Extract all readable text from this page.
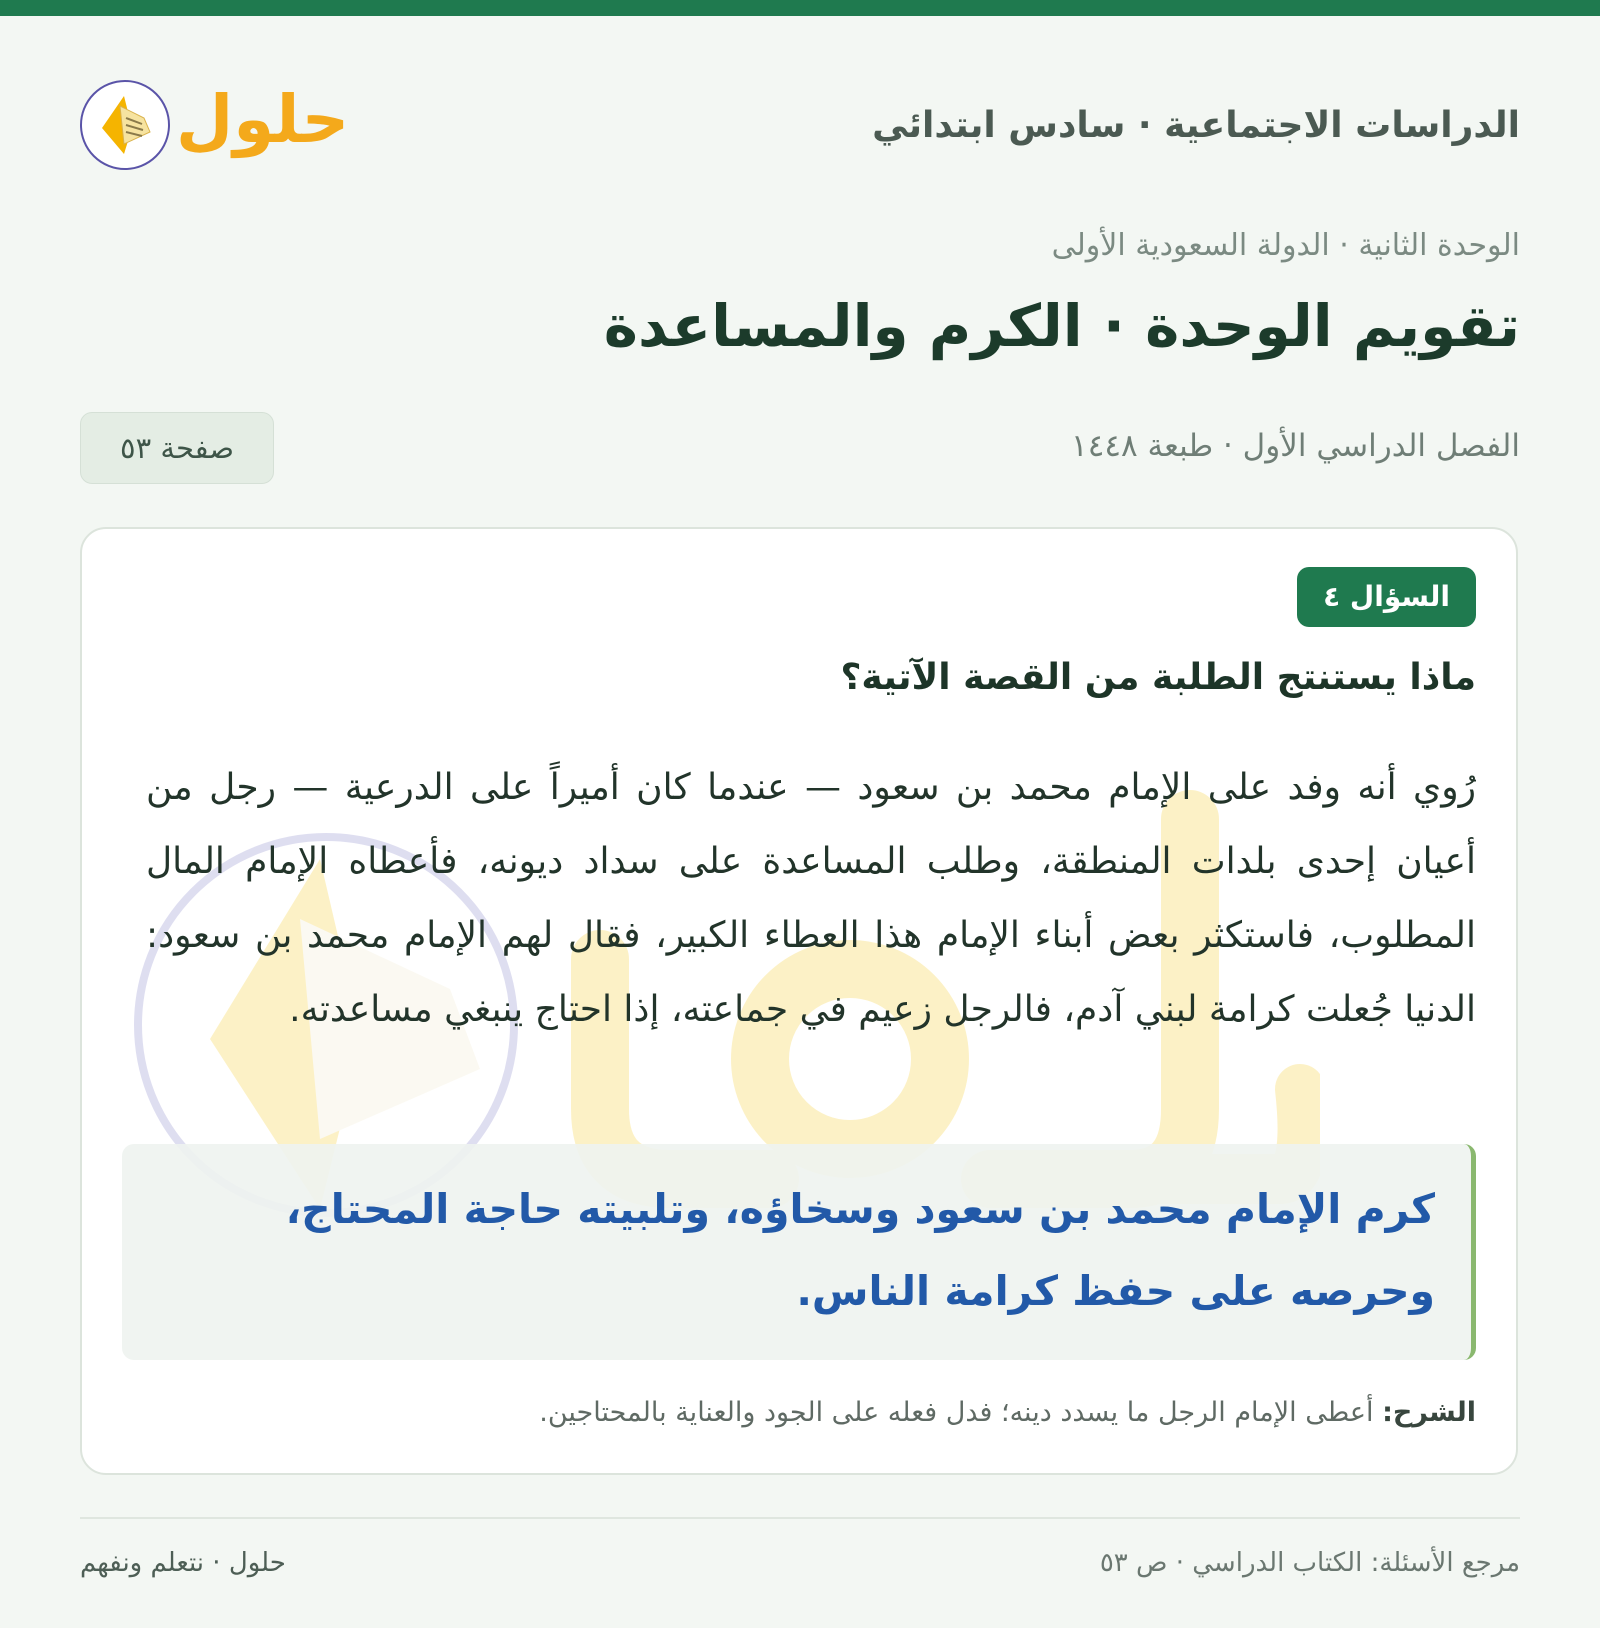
الدراسات الاجتماعية · سادس ابتدائي
حلول
الوحدة الثانية · الدولة السعودية الأولى
تقويم الوحدة · الكرم والمساعدة
الفصل الدراسي الأول · طبعة ١٤٤٨
صفحة ٥٣
السؤال ٤
ماذا يستنتج الطلبة من القصة الآتية؟

رُوي أنه وفد على الإمام محمد بن سعود — عندما كان أميراً على الدرعية — رجل من أعيان إحدى بلدات المنطقة، وطلب المساعدة على سداد ديونه، فأعطاه الإمام المال المطلوب، فاستكثر بعض أبناء الإمام هذا العطاء الكبير، فقال لهم الإمام محمد بن سعود: الدنيا جُعلت كرامة لبني آدم، فالرجل زعيم في جماعته، إذا احتاج ينبغي مساعدته.

كرم الإمام محمد بن سعود وسخاؤه، وتلبيته حاجة المحتاج، وحرصه على حفظ كرامة الناس.

الشرح: أعطى الإمام الرجل ما يسدد دينه؛ فدل فعله على الجود والعناية بالمحتاجين.
مرجع الأسئلة: الكتاب الدراسي · ص ٥٣
حلول · نتعلم ونفهم
